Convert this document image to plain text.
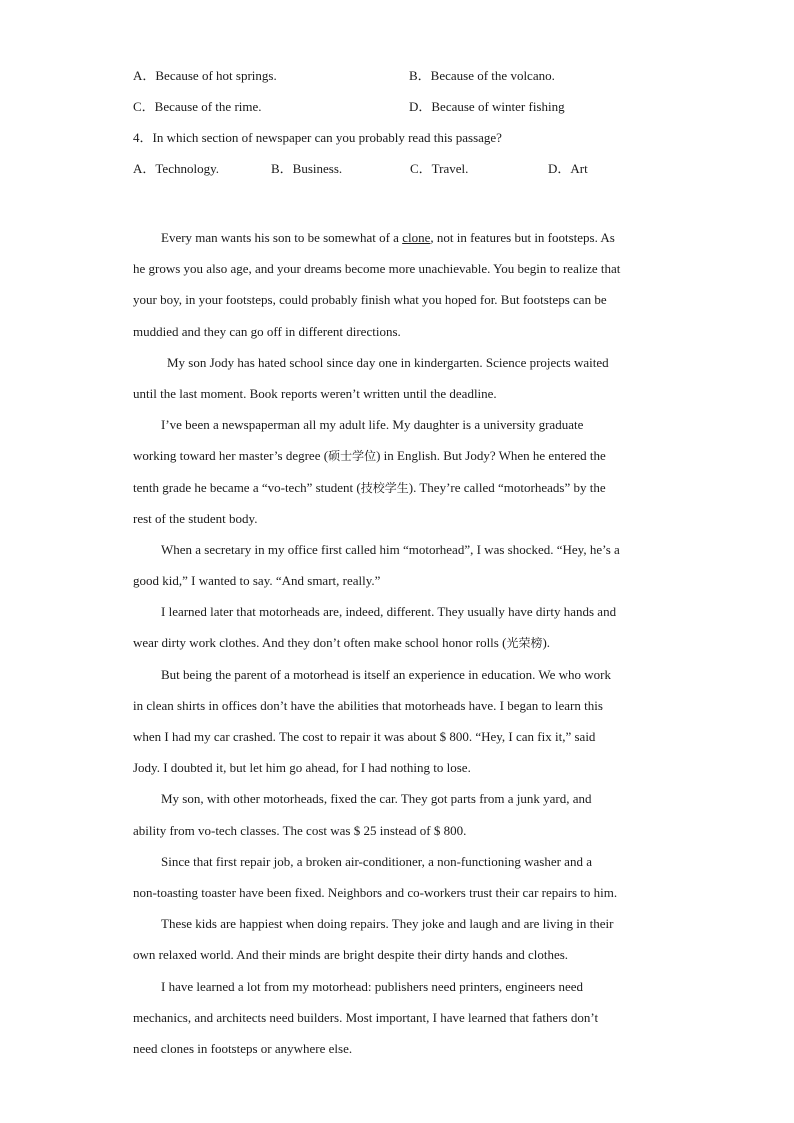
A．Because of hot springs.	B．Because of the volcano.
C．Because of the rime.	D．Because of winter fishing
4．In which section of newspaper can you probably read this passage?
A．Technology.	B．Business.	C．Travel.	D．Art
Every man wants his son to be somewhat of a clone, not in features but in footsteps. As
he grows you also age, and your dreams become more unachievable. You begin to realize that
your boy, in your footsteps, could probably finish what you hoped for. But footsteps can be
muddied and they can go off in different directions.
My son Jody has hated school since day one in kindergarten. Science projects waited
until the last moment. Book reports weren’t written until the deadline.
I’ve been a newspaperman all my adult life. My daughter is a university graduate
working toward her master’s degree (硕士学位) in English. But Jody? When he entered the
tenth grade he became a “vo-tech” student (技校学生). They’re called “motorheads” by the
rest of the student body.
When a secretary in my office first called him “motorhead”, I was shocked. “Hey, he’s a
good kid,” I wanted to say. “And smart, really.”
I learned later that motorheads are, indeed, different. They usually have dirty hands and
wear dirty work clothes. And they don’t often make school honor rolls (光荣榜).
But being the parent of a motorhead is itself an experience in education. We who work
in clean shirts in offices don’t have the abilities that motorheads have. I began to learn this
when I had my car crashed. The cost to repair it was about $ 800. “Hey, I can fix it,” said
Jody. I doubted it, but let him go ahead, for I had nothing to lose.
My son, with other motorheads, fixed the car. They got parts from a junk yard, and
ability from vo-tech classes. The cost was $ 25 instead of $ 800.
Since that first repair job, a broken air-conditioner, a non-functioning washer and a
non-toasting toaster have been fixed. Neighbors and co-workers trust their car repairs to him.
These kids are happiest when doing repairs. They joke and laugh and are living in their
own relaxed world. And their minds are bright despite their dirty hands and clothes.
I have learned a lot from my motorhead: publishers need printers, engineers need
mechanics, and architects need builders. Most important, I have learned that fathers don’t
need clones in footsteps or anywhere else.
